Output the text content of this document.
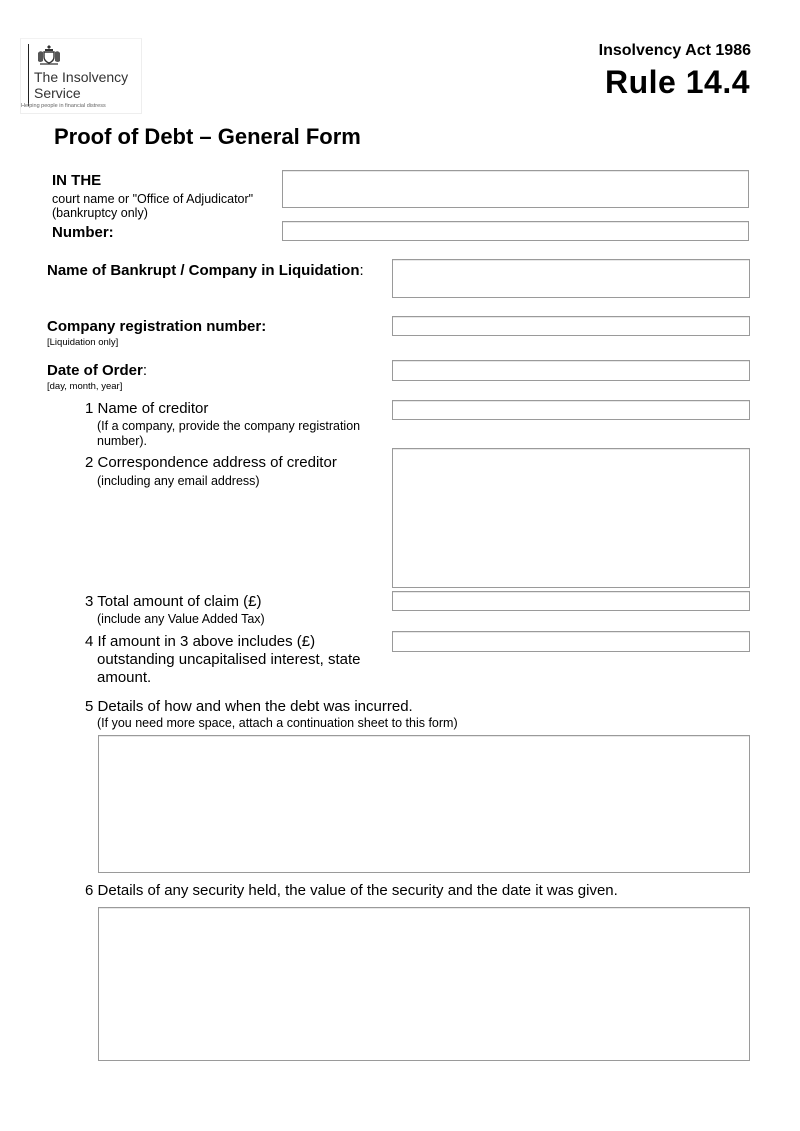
The Insolvency
Service
Helping people in financial distress
Insolvency Act 1986
Rule 14.4
Proof of Debt – General Form
IN THE
court name or "Office of Adjudicator"
(bankruptcy only)
Number:
Name of Bankrupt / Company in Liquidation:
Company registration number:
[Liquidation only]
Date of Order:
[day, month, year]
1 Name of creditor
(If a company, provide the company registration
number).
2 Correspondence address of creditor
(including any email address)
3 Total amount of claim (£)
(include any Value Added Tax)
4 If amount in 3 above includes (£)
outstanding uncapitalised interest, state
amount.
5 Details of how and when the debt was incurred.
(If you need more space, attach a continuation sheet to this form)
6 Details of any security held, the value of the security and the date it was given.
